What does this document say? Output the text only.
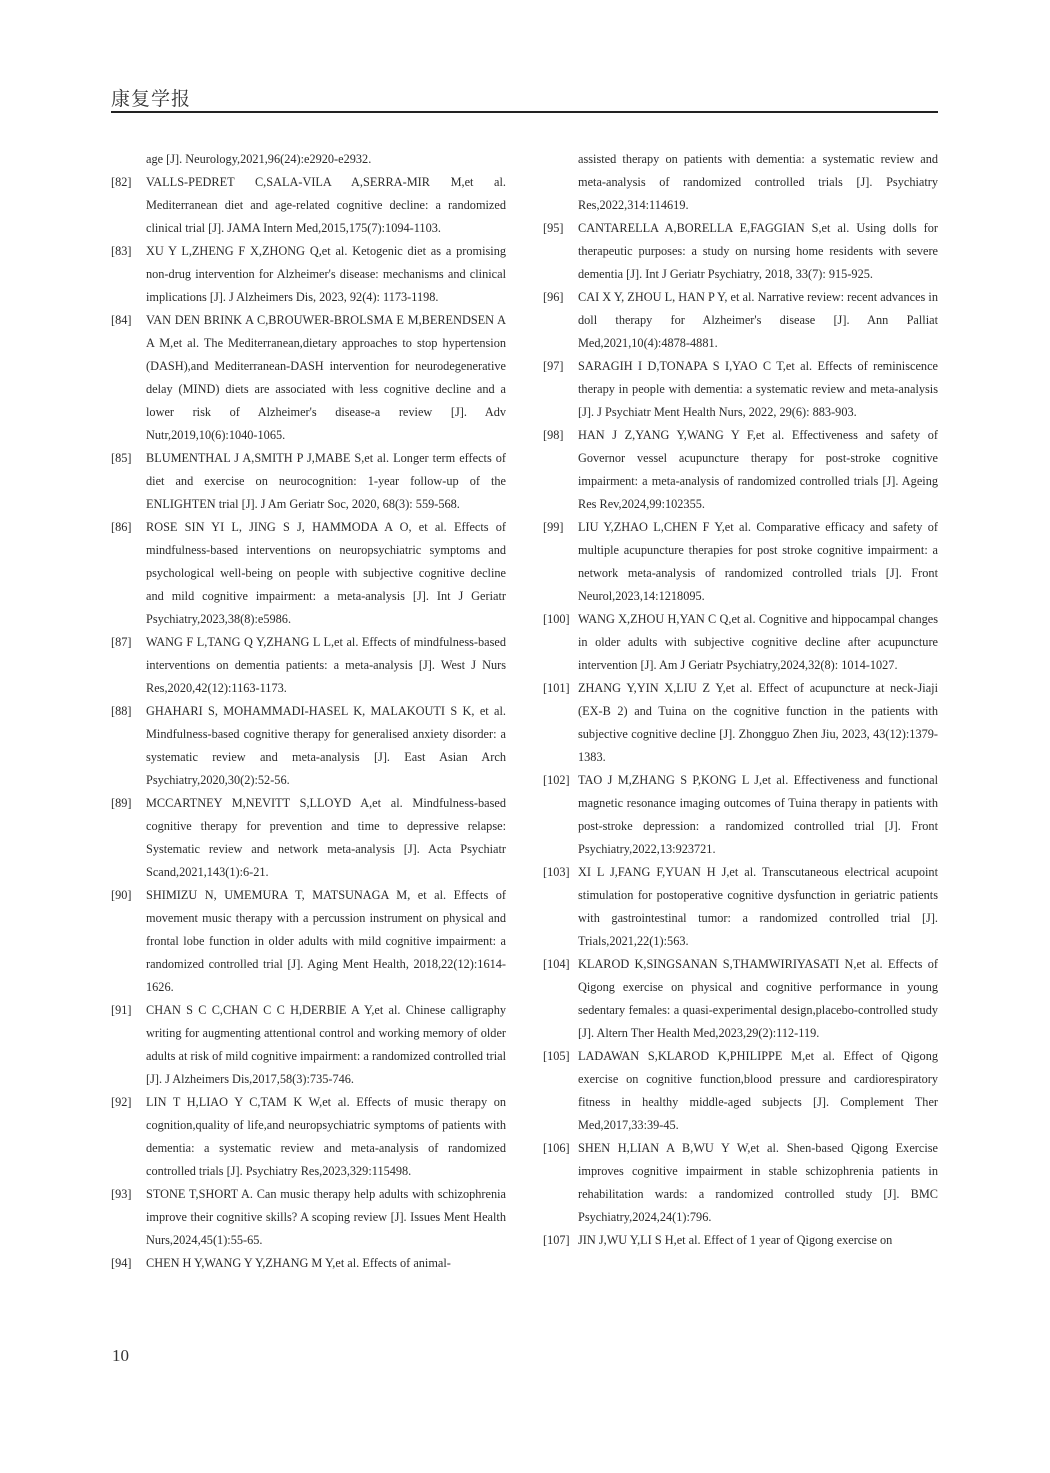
康复学报
age [J]. Neurology,2021,96(24):e2920-e2932.
[82] VALLS-PEDRET C,SALA-VILA A,SERRA-MIR M,et al. Mediterranean diet and age-related cognitive decline: a randomized clinical trial [J]. JAMA Intern Med,2015,175(7):1094-1103.
[83] XU Y L,ZHENG F X,ZHONG Q,et al. Ketogenic diet as a promising non-drug intervention for Alzheimer's disease: mechanisms and clinical implications [J]. J Alzheimers Dis, 2023, 92(4): 1173-1198.
[84] VAN DEN BRINK A C,BROUWER-BROLSMA E M,BERENDSEN A A M,et al. The Mediterranean,dietary approaches to stop hypertension (DASH),and Mediterranean-DASH intervention for neurodegenerative delay (MIND) diets are associated with less cognitive decline and a lower risk of Alzheimer's disease-a review [J]. Adv Nutr,2019,10(6):1040-1065.
[85] BLUMENTHAL J A,SMITH P J,MABE S,et al. Longer term effects of diet and exercise on neurocognition: 1-year follow-up of the ENLIGHTEN trial [J]. J Am Geriatr Soc, 2020, 68(3): 559-568.
[86] ROSE SIN YI L, JING S J, HAMMODA A O, et al. Effects of mindfulness-based interventions on neuropsychiatric symptoms and psychological well-being on people with subjective cognitive decline and mild cognitive impairment: a meta-analysis [J]. Int J Geriatr Psychiatry,2023,38(8):e5986.
[87] WANG F L,TANG Q Y,ZHANG L L,et al. Effects of mindfulness-based interventions on dementia patients: a meta-analysis [J]. West J Nurs Res,2020,42(12):1163-1173.
[88] GHAHARI S, MOHAMMADI-HASEL K, MALAKOUTI S K, et al. Mindfulness-based cognitive therapy for generalised anxiety disorder: a systematic review and meta-analysis [J]. East Asian Arch Psychiatry,2020,30(2):52-56.
[89] MCCARTNEY M,NEVITT S,LLOYD A,et al. Mindfulness-based cognitive therapy for prevention and time to depressive relapse: Systematic review and network meta-analysis [J]. Acta Psychiatr Scand,2021,143(1):6-21.
[90] SHIMIZU N, UMEMURA T, MATSUNAGA M, et al. Effects of movement music therapy with a percussion instrument on physical and frontal lobe function in older adults with mild cognitive impairment: a randomized controlled trial [J]. Aging Ment Health, 2018,22(12):1614-1626.
[91] CHAN S C C,CHAN C C H,DERBIE A Y,et al. Chinese calligraphy writing for augmenting attentional control and working memory of older adults at risk of mild cognitive impairment: a randomized controlled trial [J]. J Alzheimers Dis,2017,58(3):735-746.
[92] LIN T H,LIAO Y C,TAM K W,et al. Effects of music therapy on cognition,quality of life,and neuropsychiatric symptoms of patients with dementia: a systematic review and meta-analysis of randomized controlled trials [J]. Psychiatry Res,2023,329:115498.
[93] STONE T,SHORT A. Can music therapy help adults with schizophrenia improve their cognitive skills? A scoping review [J]. Issues Ment Health Nurs,2024,45(1):55-65.
[94] CHEN H Y,WANG Y Y,ZHANG M Y,et al. Effects of animal-
assisted therapy on patients with dementia: a systematic review and meta-analysis of randomized controlled trials [J]. Psychiatry Res,2022,314:114619.
[95] CANTARELLA A,BORELLA E,FAGGIAN S,et al. Using dolls for therapeutic purposes: a study on nursing home residents with severe dementia [J]. Int J Geriatr Psychiatry, 2018, 33(7): 915-925.
[96] CAI X Y, ZHOU L, HAN P Y, et al. Narrative review: recent advances in doll therapy for Alzheimer's disease [J]. Ann Palliat Med,2021,10(4):4878-4881.
[97] SARAGIH I D,TONAPA S I,YAO C T,et al. Effects of reminiscence therapy in people with dementia: a systematic review and meta-analysis [J]. J Psychiatr Ment Health Nurs, 2022, 29(6): 883-903.
[98] HAN J Z,YANG Y,WANG Y F,et al. Effectiveness and safety of Governor vessel acupuncture therapy for post-stroke cognitive impairment: a meta-analysis of randomized controlled trials [J]. Ageing Res Rev,2024,99:102355.
[99] LIU Y,ZHAO L,CHEN F Y,et al. Comparative efficacy and safety of multiple acupuncture therapies for post stroke cognitive impairment: a network meta-analysis of randomized controlled trials [J]. Front Neurol,2023,14:1218095.
[100] WANG X,ZHOU H,YAN C Q,et al. Cognitive and hippocampal changes in older adults with subjective cognitive decline after acupuncture intervention [J]. Am J Geriatr Psychiatry,2024,32(8): 1014-1027.
[101] ZHANG Y,YIN X,LIU Z Y,et al. Effect of acupuncture at neck-Jiaji (EX-B 2) and Tuina on the cognitive function in the patients with subjective cognitive decline [J]. Zhongguo Zhen Jiu, 2023, 43(12):1379-1383.
[102] TAO J M,ZHANG S P,KONG L J,et al. Effectiveness and functional magnetic resonance imaging outcomes of Tuina therapy in patients with post-stroke depression: a randomized controlled trial [J]. Front Psychiatry,2022,13:923721.
[103] XI L J,FANG F,YUAN H J,et al. Transcutaneous electrical acupoint stimulation for postoperative cognitive dysfunction in geriatric patients with gastrointestinal tumor: a randomized controlled trial [J]. Trials,2021,22(1):563.
[104] KLAROD K,SINGSANAN S,THAMWIRIYASATI N,et al. Effects of Qigong exercise on physical and cognitive performance in young sedentary females: a quasi-experimental design,placebo-controlled study [J]. Altern Ther Health Med,2023,29(2):112-119.
[105] LADAWAN S,KLAROD K,PHILIPPE M,et al. Effect of Qigong exercise on cognitive function,blood pressure and cardiorespiratory fitness in healthy middle-aged subjects [J]. Complement Ther Med,2017,33:39-45.
[106] SHEN H,LIAN A B,WU Y W,et al. Shen-based Qigong Exercise improves cognitive impairment in stable schizophrenia patients in rehabilitation wards: a randomized controlled study [J]. BMC Psychiatry,2024,24(1):796.
[107] JIN J,WU Y,LI S H,et al. Effect of 1 year of Qigong exercise on
10
